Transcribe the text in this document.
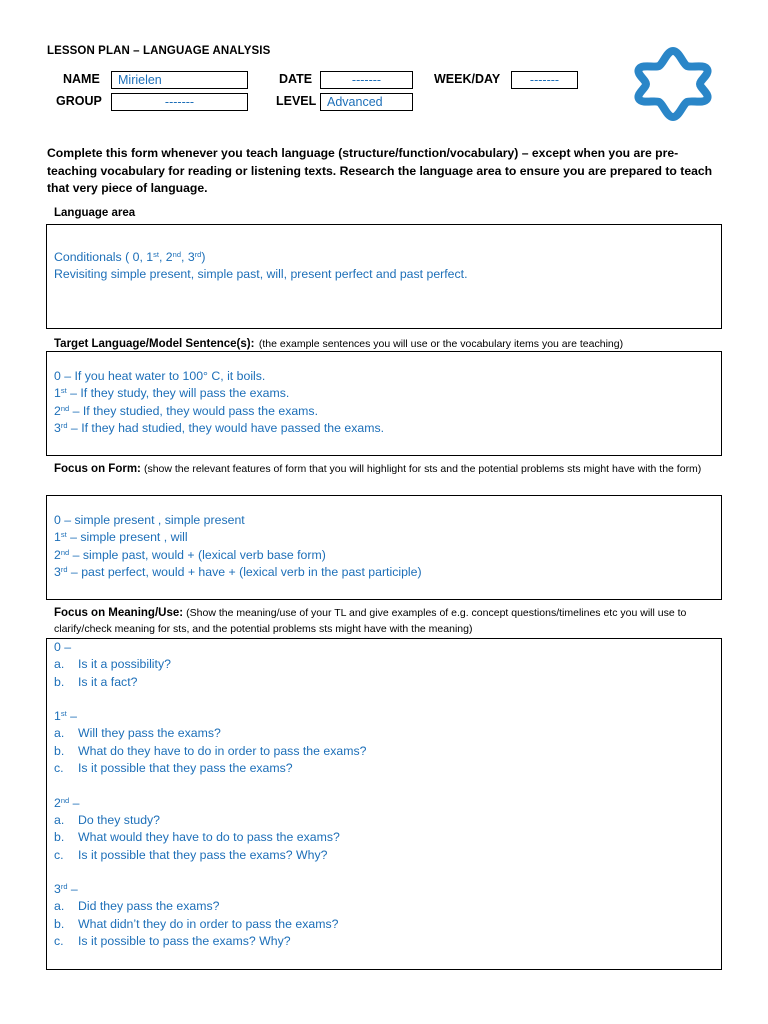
LESSON PLAN – LANGUAGE ANALYSIS
NAME	Mirielen	DATE	-------	WEEK/DAY	-------
GROUP	-------	LEVEL Advanced
Complete this form whenever you teach language (structure/function/vocabulary) – except when you are pre-teaching vocabulary for reading or listening texts. Research the language area to ensure you are prepared to teach that very piece of language.
Language area
Conditionals ( 0, 1st, 2nd, 3rd)
Revisiting simple present, simple past, will, present perfect and past perfect.
Target Language/Model Sentence(s): (the example sentences you will use or the vocabulary items you are teaching)
0 – If you heat water to 100° C, it boils.
1st – If they study, they will pass the exams.
2nd – If they studied, they would pass the exams.
3rd – If they had studied, they would have passed the exams.
Focus on Form: (show the relevant features of form that you will highlight for sts and the potential problems sts might have with the form)
0 – simple present , simple present
1st – simple present , will
2nd – simple past, would + (lexical verb base form)
3rd – past perfect, would + have + (lexical verb in the past participle)
Focus on Meaning/Use: (Show the meaning/use of your TL and give examples of e.g. concept questions/timelines etc you will use to clarify/check meaning for sts, and the potential problems sts might have with the meaning)
0 –
a.	Is it a possibility?
b.	Is it a fact?
1st –
a.	Will they pass the exams?
b.	What do they have to do in order to pass the exams?
c.	Is it possible that they pass the exams?
2nd –
a.	Do they study?
b.	What would they have to do to pass the exams?
c.	Is it possible that they pass the exams? Why?
3rd –
a.	Did they pass the exams?
b.	What didn’t they do in order to pass the exams?
c.	Is it possible to pass the exams? Why?
